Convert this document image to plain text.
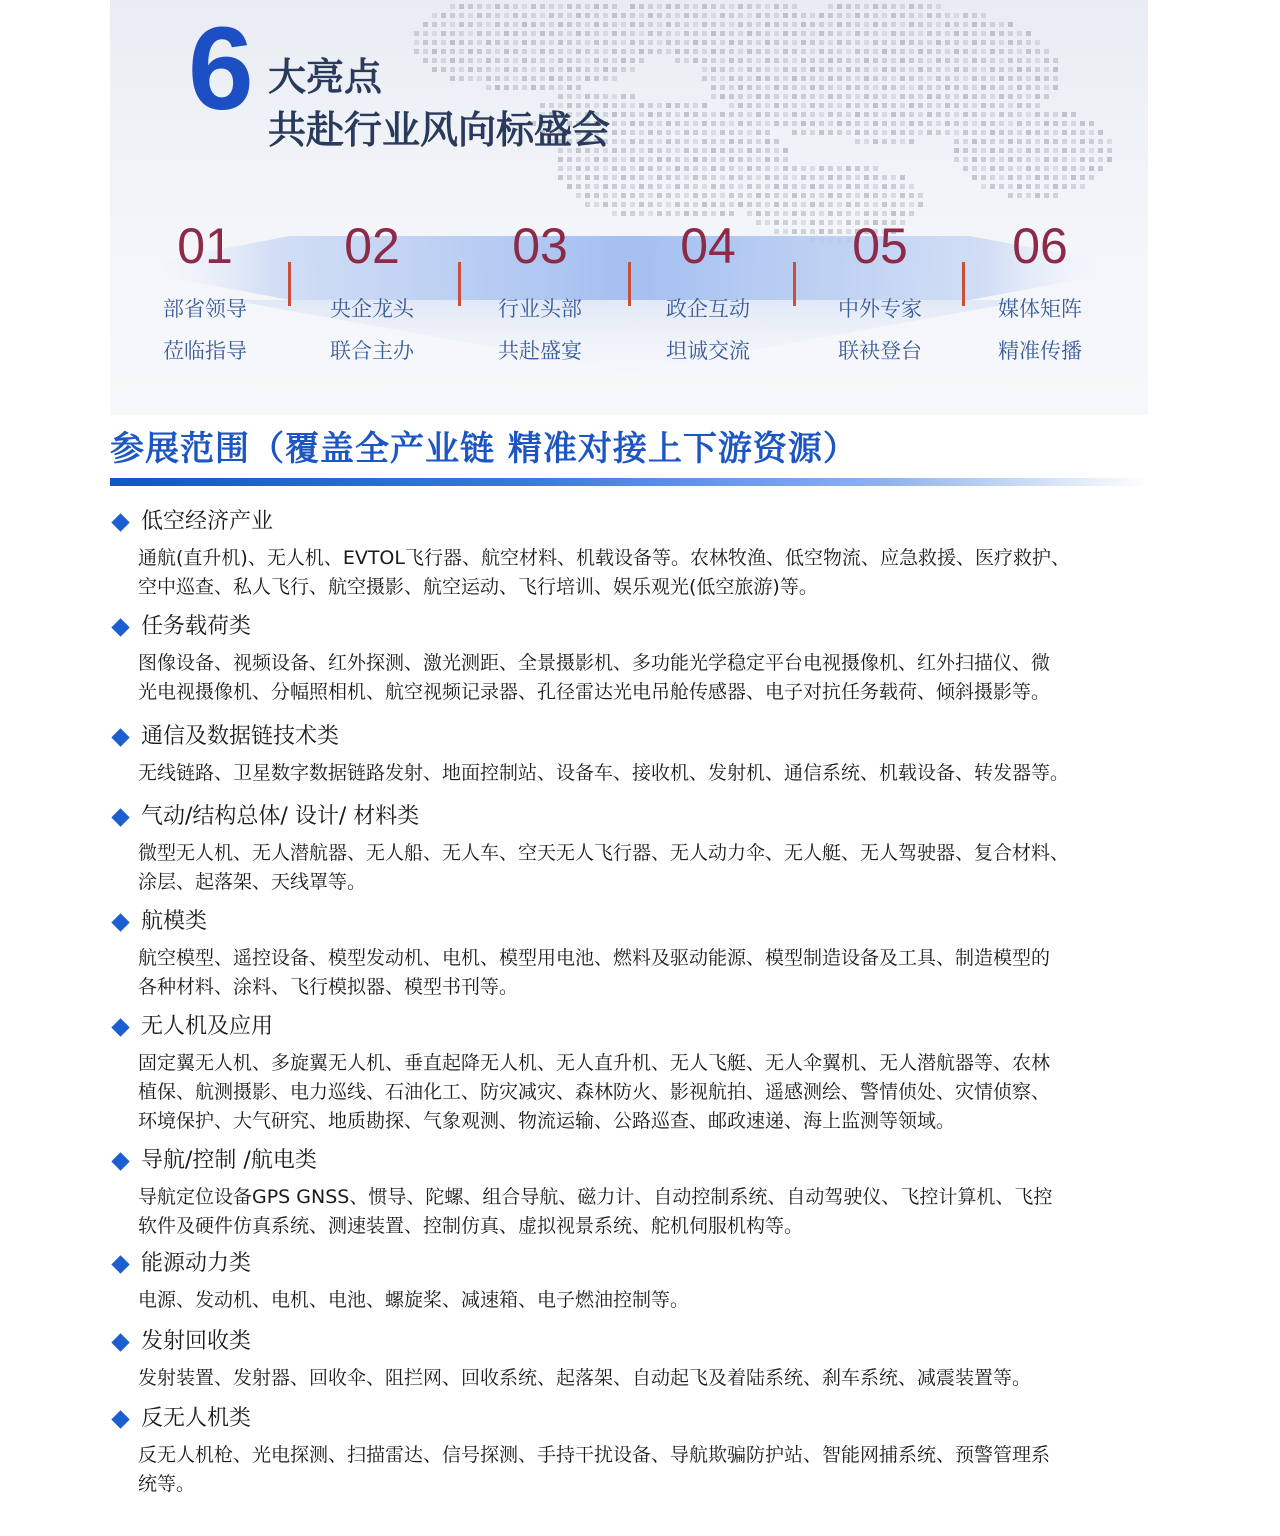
6 大亮点
共赴行业风向标盛会
01
部省领导
莅临指导
02
央企龙头
联合主办
03
行业头部
共赴盛宴
04
政企互动
坦诚交流
05
中外专家
联袂登台
06
媒体矩阵
精准传播
参展范围（覆盖全产业链 精准对接上下游资源）
低空经济产业
通航(直升机)、无人机、EVTOL飞行器、航空材料、机载设备等。农林牧渔、低空物流、应急救援、医疗救护、
空中巡查、私人飞行、航空摄影、航空运动、飞行培训、娱乐观光(低空旅游)等。
任务载荷类
图像设备、视频设备、红外探测、激光测距、全景摄影机、多功能光学稳定平台电视摄像机、红外扫描仪、微
光电视摄像机、分幅照相机、航空视频记录器、孔径雷达光电吊舱传感器、电子对抗任务载荷、倾斜摄影等。
通信及数据链技术类
无线链路、卫星数字数据链路发射、地面控制站、设备车、接收机、发射机、通信系统、机载设备、转发器等。
气动/结构总体/ 设计/ 材料类
微型无人机、无人潜航器、无人船、无人车、空天无人飞行器、无人动力伞、无人艇、无人驾驶器、复合材料、
涂层、起落架、天线罩等。
航模类
航空模型、遥控设备、模型发动机、电机、模型用电池、燃料及驱动能源、模型制造设备及工具、制造模型的
各种材料、涂料、飞行模拟器、模型书刊等。
无人机及应用
固定翼无人机、多旋翼无人机、垂直起降无人机、无人直升机、无人飞艇、无人伞翼机、无人潜航器等、农林
植保、航测摄影、电力巡线、石油化工、防灾减灾、森林防火、影视航拍、遥感测绘、警情侦处、灾情侦察、
环境保护、大气研究、地质勘探、气象观测、物流运输、公路巡查、邮政速递、海上监测等领域。
导航/控制 /航电类
导航定位设备GPS GNSS、惯导、陀螺、组合导航、磁力计、自动控制系统、自动驾驶仪、飞控计算机、飞控
软件及硬件仿真系统、测速装置、控制仿真、虚拟视景系统、舵机伺服机构等。
能源动力类
电源、发动机、电机、电池、螺旋桨、减速箱、电子燃油控制等。
发射回收类
发射装置、发射器、回收伞、阻拦网、回收系统、起落架、自动起飞及着陆系统、刹车系统、减震装置等。
反无人机类
反无人机枪、光电探测、扫描雷达、信号探测、手持干扰设备、导航欺骗防护站、智能网捕系统、预警管理系
统等。
